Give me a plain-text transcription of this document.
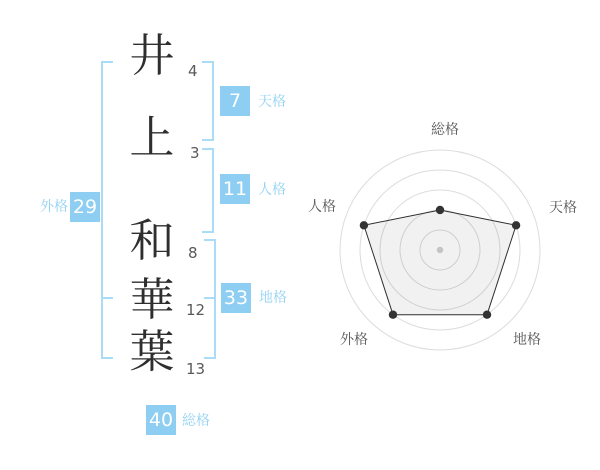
井 4
上	3
和 8
華 12
葉 13
7	天格
11 人格
33 地格
外格 29
40 総格
総格
天格
地格
外格
人格
